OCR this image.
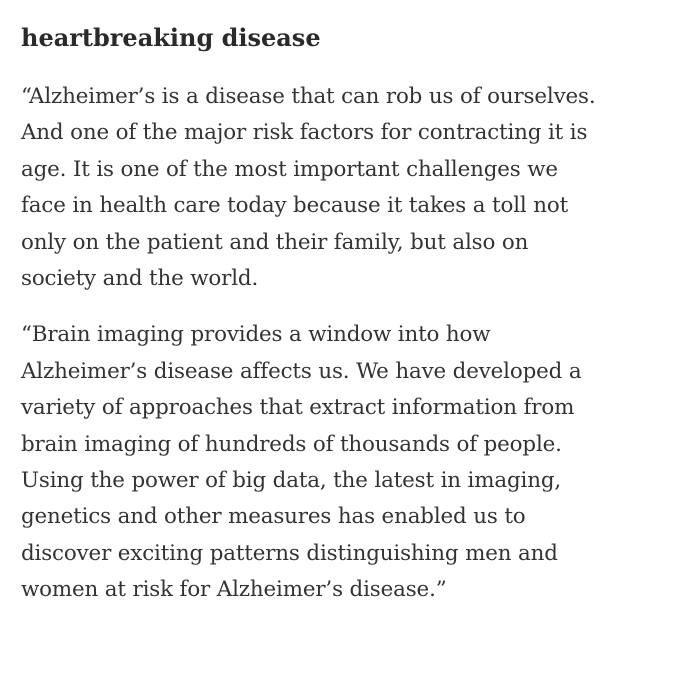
heartbreaking disease

“Alzheimer’s is a disease that can rob us of ourselves.
And one of the major risk factors for contracting it is
age. It is one of the most important challenges we
face in health care today because it takes a toll not
only on the patient and their family, but also on
society and the world.

“Brain imaging provides a window into how
Alzheimer’s disease affects us. We have developed a
variety of approaches that extract information from
brain imaging of hundreds of thousands of people.
Using the power of big data, the latest in imaging,
genetics and other measures has enabled us to
discover exciting patterns distinguishing men and
women at risk for Alzheimer’s disease.”
